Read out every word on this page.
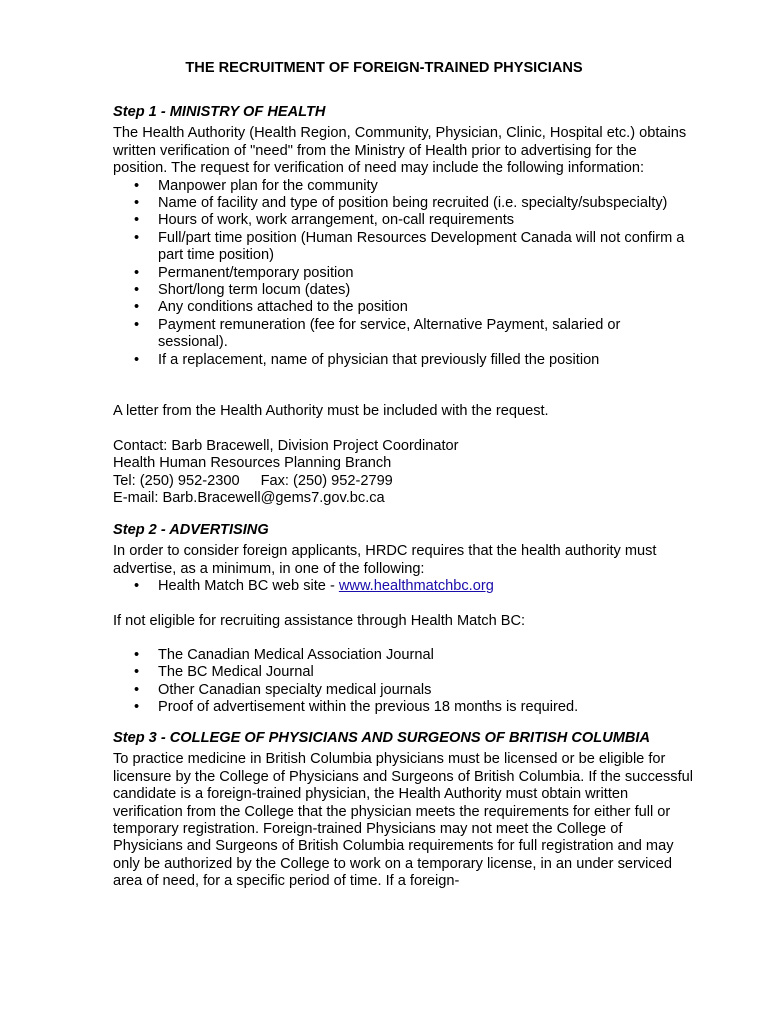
THE RECRUITMENT OF FOREIGN-TRAINED PHYSICIANS

Step 1 - MINISTRY OF HEALTH

The Health Authority (Health Region, Community, Physician, Clinic, Hospital etc.) obtains written verification of "need" from the Ministry of Health prior to advertising for the position. The request for verification of need may include the following information:

• Manpower plan for the community
• Name of facility and type of position being recruited (i.e. specialty/subspecialty)
• Hours of work, work arrangement, on-call requirements
• Full/part time position (Human Resources Development Canada will not confirm a part time position)
• Permanent/temporary position
• Short/long term locum (dates)
• Any conditions attached to the position
• Payment remuneration (fee for service, Alternative Payment, salaried or sessional).
• If a replacement, name of physician that previously filled the position

A letter from the Health Authority must be included with the request.

Contact: Barb Bracewell, Division Project Coordinator

Health Human Resources Planning Branch

Tel: (250) 952-2300 Fax: (250) 952-2799

E-mail: Barb.Bracewell@gems7.gov.bc.ca

Step 2 - ADVERTISING

In order to consider foreign applicants, HRDC requires that the health authority must advertise, as a minimum, in one of the following:

• Health Match BC web site - www.healthmatchbc.org

If not eligible for recruiting assistance through Health Match BC:

• The Canadian Medical Association Journal
• The BC Medical Journal
• Other Canadian specialty medical journals
• Proof of advertisement within the previous 18 months is required.

Step 3 - COLLEGE OF PHYSICIANS AND SURGEONS OF BRITISH COLUMBIA

To practice medicine in British Columbia physicians must be licensed or be eligible for licensure by the College of Physicians and Surgeons of British Columbia. If the successful candidate is a foreign-trained physician, the Health Authority must obtain written verification from the College that the physician meets the requirements for either full or temporary registration. Foreign-trained Physicians may not meet the College of Physicians and Surgeons of British Columbia requirements for full registration and may only be authorized by the College to work on a temporary license, in an under serviced area of need, for a specific period of time. If a foreign-
